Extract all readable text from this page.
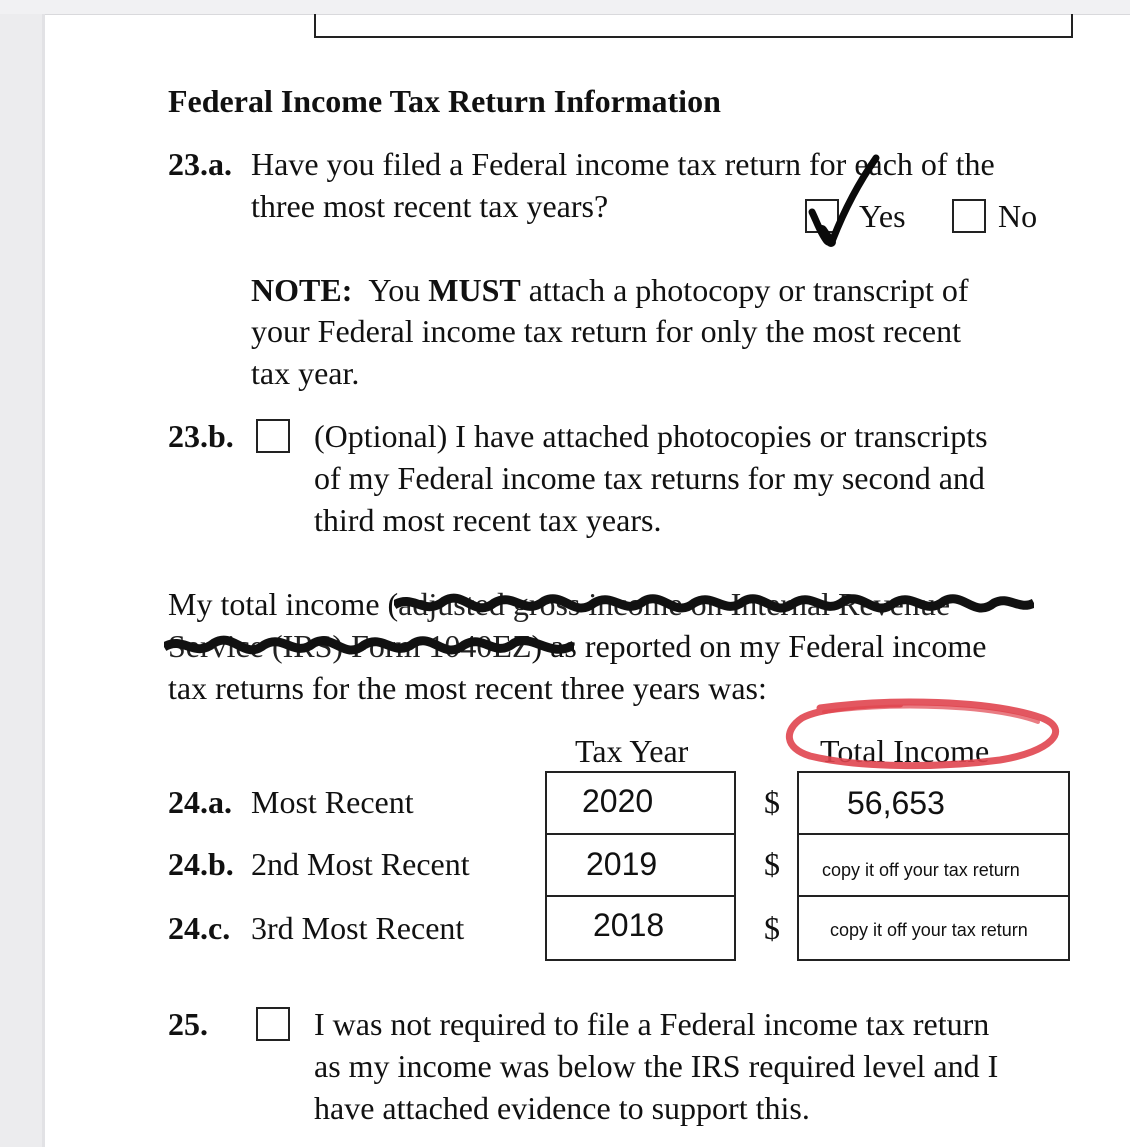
Federal Income Tax Return Information
23.a. Have you filed a Federal income tax return for each of the
three most recent tax years?	Yes	No
NOTE: You MUST attach a photocopy or transcript of
your Federal income tax return for only the most recent
tax year.
23.b.	(Optional) I have attached photocopies or transcripts
of my Federal income tax returns for my second and
third most recent tax years.
My total income (adjusted gross income on Internal Revenue
Service (IRS) Form 1040EZ
) as reported on my Federal income
tax returns for the most recent three years was:
Tax Year	Total Income
24.a. Most Recent	2020	$ 56,653
24.b. 2nd Most Recent	2019	$ copy it off your tax return
24.c. 3rd Most Recent	2018	$	copy it off your tax return
25.	I was not required to file a Federal income tax return
as my income was below the IRS required level and I
have attached evidence to support this.
